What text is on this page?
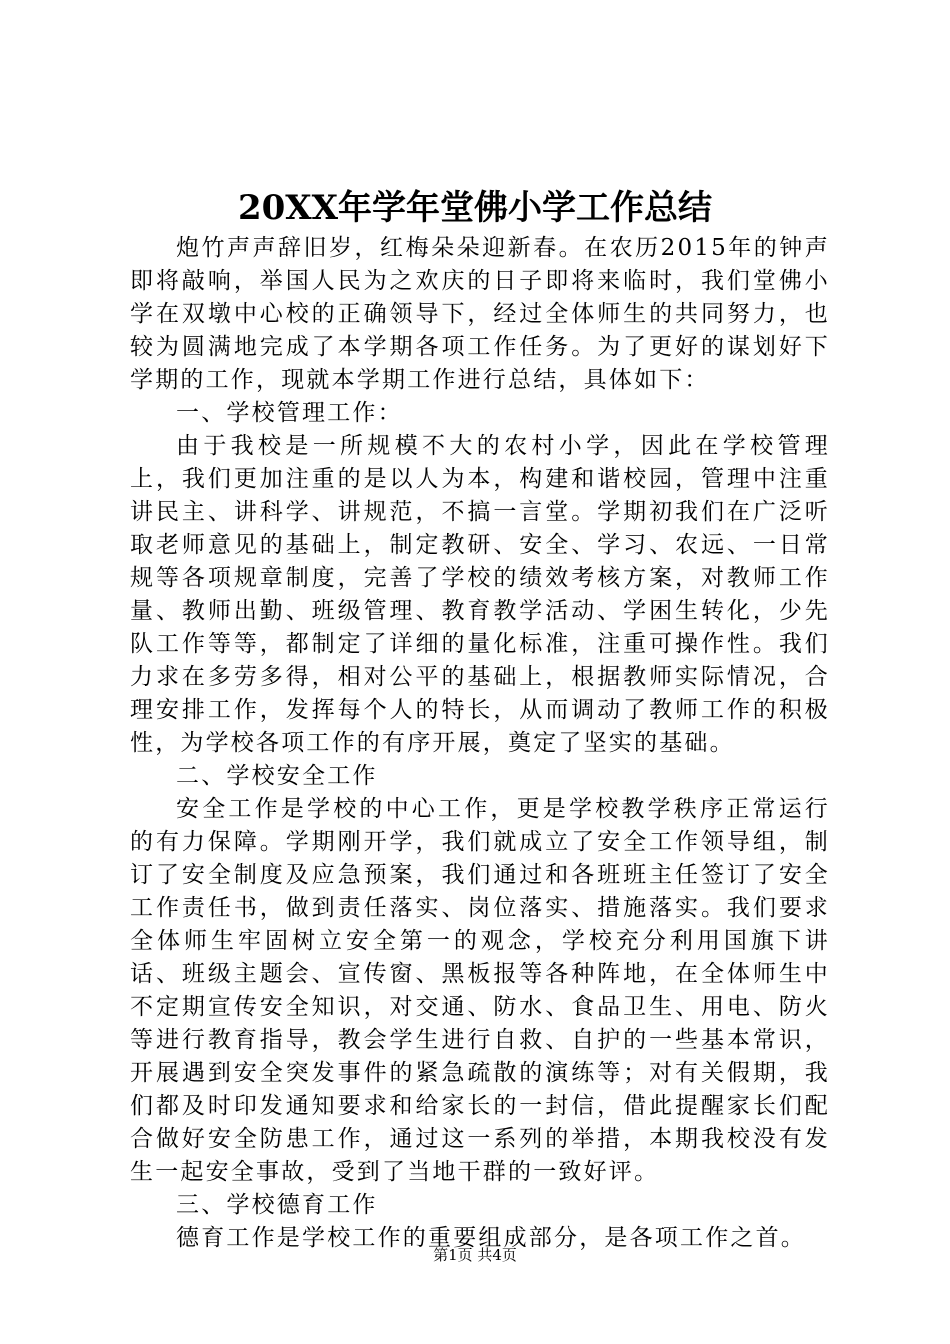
20XX年学年堂佛小学工作总结

炮竹声声辞旧岁，红梅朵朵迎新春。在农历2015年的钟声即将敲响，举国人民为之欢庆的日子即将来临时，我们堂佛小学在双墩中心校的正确领导下，经过全体师生的共同努力，也较为圆满地完成了本学期各项工作任务。为了更好的谋划好下学期的工作，现就本学期工作进行总结，具体如下：

一、学校管理工作：

由于我校是一所规模不大的农村小学，因此在学校管理上，我们更加注重的是以人为本，构建和谐校园，管理中注重讲民主、讲科学、讲规范，不搞一言堂。学期初我们在广泛听取老师意见的基础上，制定教研、安全、学习、农远、一日常规等各项规章制度，完善了学校的绩效考核方案，对教师工作量、教师出勤、班级管理、教育教学活动、学困生转化，少先队工作等等，都制定了详细的量化标准，注重可操作性。我们力求在多劳多得，相对公平的基础上，根据教师实际情况，合理安排工作，发挥每个人的特长，从而调动了教师工作的积极性，为学校各项工作的有序开展，奠定了坚实的基础。

二、学校安全工作

安全工作是学校的中心工作，更是学校教学秩序正常运行的有力保障。学期刚开学，我们就成立了安全工作领导组，制订了安全制度及应急预案，我们通过和各班班主任签订了安全工作责任书，做到责任落实、岗位落实、措施落实。我们要求全体师生牢固树立安全第一的观念，学校充分利用国旗下讲话、班级主题会、宣传窗、黑板报等各种阵地，在全体师生中不定期宣传安全知识，对交通、防水、食品卫生、用电、防火等进行教育指导，教会学生进行自救、自护的一些基本常识，开展遇到安全突发事件的紧急疏散的演练等；对有关假期，我们都及时印发通知要求和给家长的一封信，借此提醒家长们配合做好安全防患工作，通过这一系列的举措，本期我校没有发生一起安全事故，受到了当地干群的一致好评。

三、学校德育工作

德育工作是学校工作的重要组成部分，是各项工作之首。

第1页 共4页
